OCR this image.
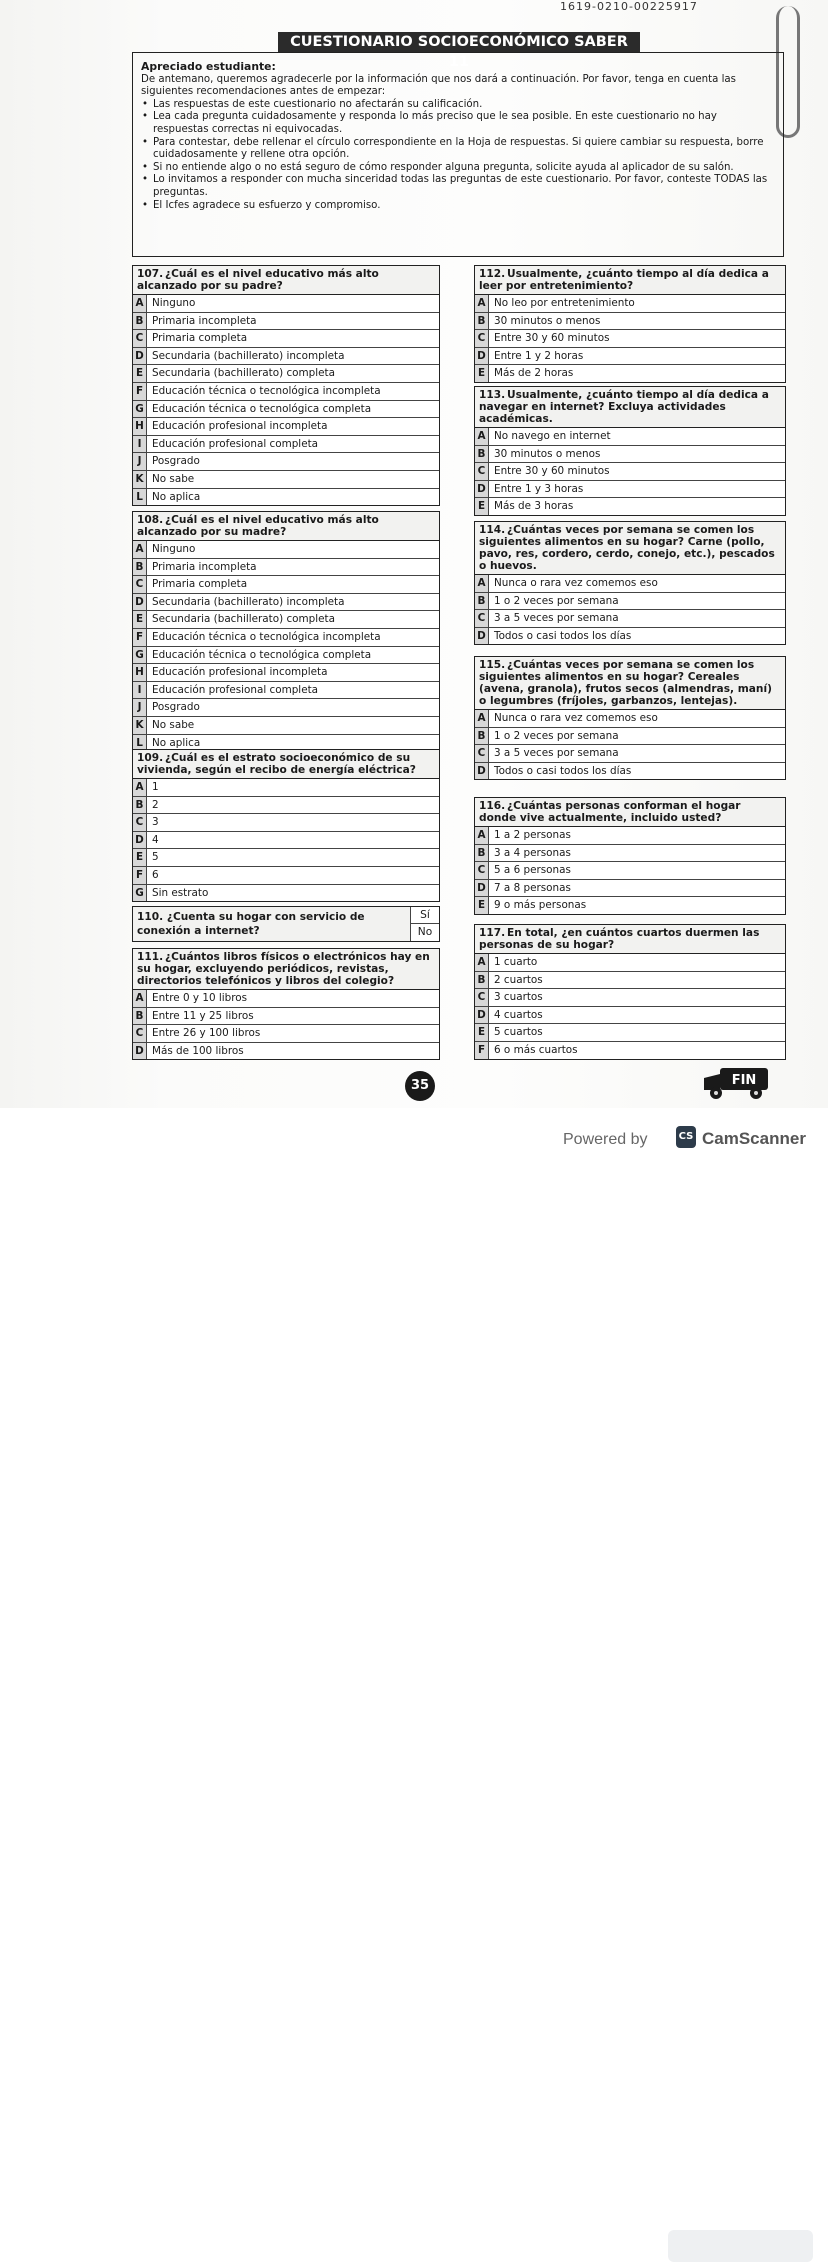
1619-0210-00225917
CUESTIONARIO SOCIOECONÓMICO SABER 11
Apreciado estudiante:
De antemano, queremos agradecerle por la información que nos dará a continuación. Por favor, tenga en cuenta las siguientes recomendaciones antes de empezar:
• Las respuestas de este cuestionario no afectarán su calificación.
• Lea cada pregunta cuidadosamente y responda lo más preciso que le sea posible. En este cuestionario no hay respuestas correctas ni equivocadas.
• Para contestar, debe rellenar el círculo correspondiente en la Hoja de respuestas. Si quiere cambiar su respuesta, borre cuidadosamente y rellene otra opción.
• Si no entiende algo o no está seguro de cómo responder alguna pregunta, solicite ayuda al aplicador de su salón.
• Lo invitamos a responder con mucha sinceridad todas las preguntas de este cuestionario. Por favor, conteste TODAS las preguntas.
• El Icfes agradece su esfuerzo y compromiso.
107. ¿Cuál es el nivel educativo más alto alcanzado por su padre?
A Ninguno
B Primaria incompleta
C Primaria completa
D Secundaria (bachillerato) incompleta
E Secundaria (bachillerato) completa
F Educación técnica o tecnológica incompleta
G Educación técnica o tecnológica completa
H Educación profesional incompleta
I	Educación profesional completa
J	Posgrado
K No sabe
L No aplica
108. ¿Cuál es el nivel educativo más alto alcanzado por su madre?
A Ninguno
B Primaria incompleta
C Primaria completa
D Secundaria (bachillerato) incompleta
E Secundaria (bachillerato) completa
F Educación técnica o tecnológica incompleta
G Educación técnica o tecnológica completa
H Educación profesional incompleta
I	Educación profesional completa
J	Posgrado
K No sabe
L No aplica
109. ¿Cuál es el estrato socioeconómico de su vivienda, según el recibo de energía eléctrica?
A 1
B 2
C 3
D 4
E 5
F 6
G Sin estrato
110. ¿Cuenta su hogar con servicio de conexión a internet?
Sí
No
111. ¿Cuántos libros físicos o electrónicos hay en su hogar, excluyendo periódicos, revistas, directorios telefónicos y libros del colegio?
A Entre 0 y 10 libros
B Entre 11 y 25 libros
C Entre 26 y 100 libros
D Más de 100 libros
112. Usualmente, ¿cuánto tiempo al día dedica a leer por entretenimiento?
A No leo por entretenimiento
B 30 minutos o menos
C Entre 30 y 60 minutos
D Entre 1 y 2 horas
E Más de 2 horas
113. Usualmente, ¿cuánto tiempo al día dedica a navegar en internet? Excluya actividades académicas.
A No navego en internet
B 30 minutos o menos
C Entre 30 y 60 minutos
D Entre 1 y 3 horas
E Más de 3 horas
114. ¿Cuántas veces por semana se comen los siguientes alimentos en su hogar? Carne (pollo, pavo, res, cordero, cerdo, conejo, etc.), pescados o huevos.
A Nunca o rara vez comemos eso
B 1 o 2 veces por semana
C 3 a 5 veces por semana
D Todos o casi todos los días
115. ¿Cuántas veces por semana se comen los siguientes alimentos en su hogar? Cereales (avena, granola), frutos secos (almendras, maní) o legumbres (fríjoles, garbanzos, lentejas).
A Nunca o rara vez comemos eso
B 1 o 2 veces por semana
C 3 a 5 veces por semana
D Todos o casi todos los días
116. ¿Cuántas personas conforman el hogar donde vive actualmente, incluido usted?
A 1 a 2 personas
B 3 a 4 personas
C 5 a 6 personas
D 7 a 8 personas
E 9 o más personas
117. En total, ¿en cuántos cuartos duermen las personas de su hogar?
A 1 cuarto
B 2 cuartos
C 3 cuartos
D 4 cuartos
E 5 cuartos
F 6 o más cuartos
35	FIN
Powered by	CS CamScanner
